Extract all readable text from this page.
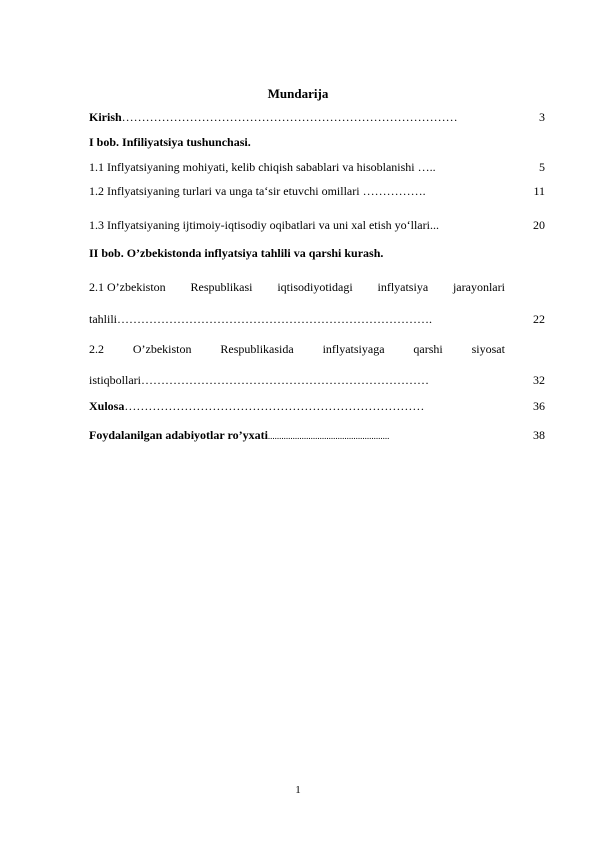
Mundarija
Kirish…………………………………………………………………………	3
I bob. Infiliyatsiya tushunchasi.
1.1 Inflyatsiyaning mohiyati, kelib chiqish sabablari va hisoblanishi …..	5
1.2 Inflyatsiyaning turlari va unga ta‘sir etuvchi omillari …………….	11
1.3 Inflyatsiyaning ijtimoiy-iqtisodiy oqibatlari va uni xal etish yo‘llari...	20
II bob. O’zbekistonda inflyatsiya tahlili va qarshi kurash.
2.1 O’zbekiston Respublikasi iqtisodiyotidagi inflyatsiya jarayonlari
tahlili…………………………………………………………………….	22
2.2 O’zbekiston Respublikasida inflyatsiyaga qarshi siyosat
istiqbollari………………………………………………………………	32
Xulosa…………………………………………………………………	36
Foydalanilgan adabiyotlar ro’yxati......................................................	38
1
